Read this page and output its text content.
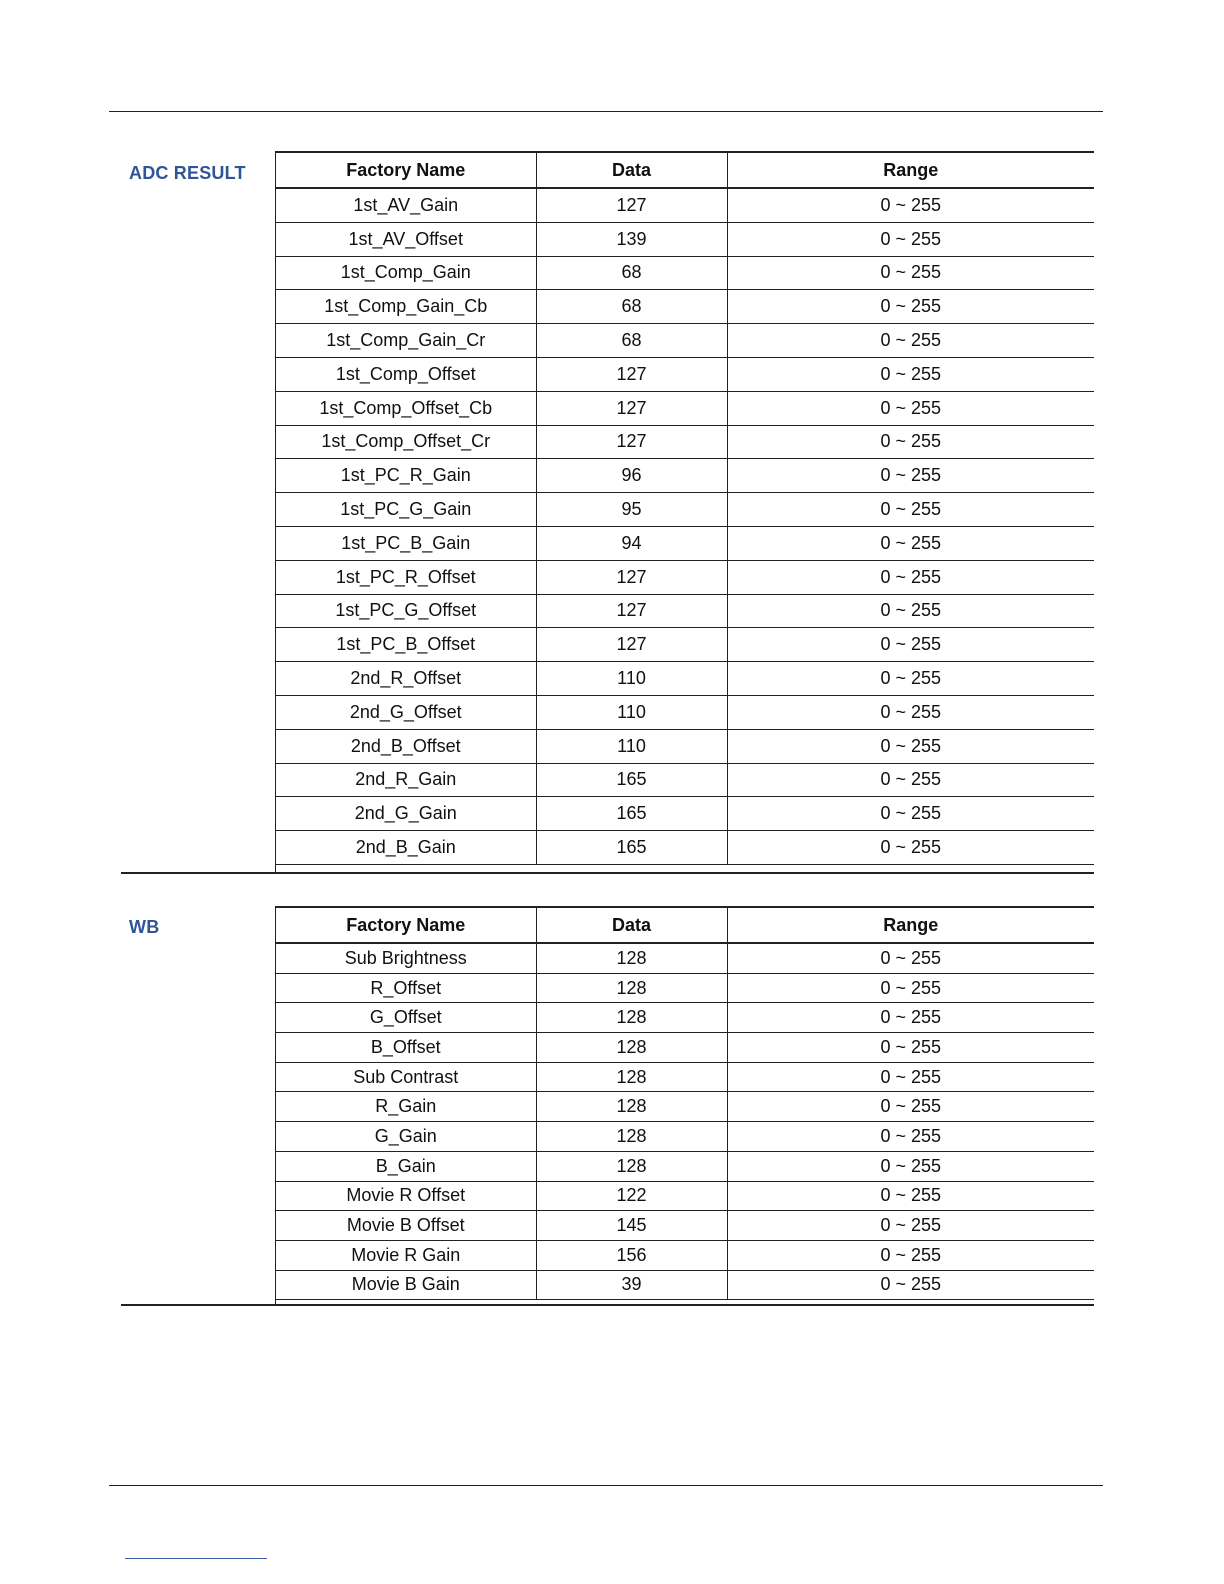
ADC RESULT	Factory Name	Data	Range
1st_AV_Gain	127	0 ~ 255
1st_AV_Offset	139	0 ~ 255
1st_Comp_Gain	68	0 ~ 255
1st_Comp_Gain_Cb	68	0 ~ 255
1st_Comp_Gain_Cr	68	0 ~ 255
1st_Comp_Offset	127	0 ~ 255
1st_Comp_Offset_Cb	127	0 ~ 255
1st_Comp_Offset_Cr	127	0 ~ 255
1st_PC_R_Gain	96	0 ~ 255
1st_PC_G_Gain	95	0 ~ 255
1st_PC_B_Gain	94	0 ~ 255
1st_PC_R_Offset	127	0 ~ 255
1st_PC_G_Offset	127	0 ~ 255
1st_PC_B_Offset	127	0 ~ 255
2nd_R_Offset	110	0 ~ 255
2nd_G_Offset	110	0 ~ 255
2nd_B_Offset	110	0 ~ 255
2nd_R_Gain	165	0 ~ 255
2nd_G_Gain	165	0 ~ 255
2nd_B_Gain	165	0 ~ 255
WB	Factory Name	Data	Range
Sub Brightness	128	0 ~ 255
R_Offset	128	0 ~ 255
G_Offset	128	0 ~ 255
B_Offset	128	0 ~ 255
Sub Contrast	128	0 ~ 255
R_Gain	128	0 ~ 255
G_Gain	128	0 ~ 255
B_Gain	128	0 ~ 255
Movie R Offset	122	0 ~ 255
Movie B Offset	145	0 ~ 255
Movie R Gain	156	0 ~ 255
Movie B Gain	39	0 ~ 255
